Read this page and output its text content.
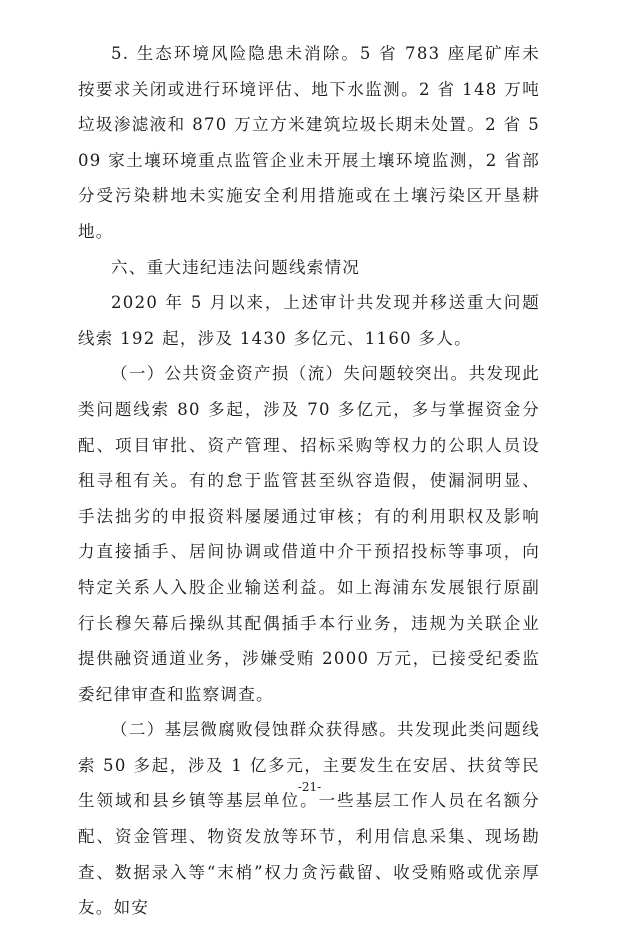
5. 生态环境风险隐患未消除。5 省 783 座尾矿库未按要求关闭或进行环境评估、地下水监测。2 省 148 万吨垃圾渗滤液和 870 万立方米建筑垃圾长期未处置。2 省 509 家土壤环境重点监管企业未开展土壤环境监测，2 省部分受污染耕地未实施安全利用措施或在土壤污染区开垦耕地。

六、重大违纪违法问题线索情况

2020 年 5 月以来，上述审计共发现并移送重大问题线索 192 起，涉及 1430 多亿元、1160 多人。

（一）公共资金资产损（流）失问题较突出。共发现此类问题线索 80 多起，涉及 70 多亿元，多与掌握资金分配、项目审批、资产管理、招标采购等权力的公职人员设租寻租有关。有的怠于监管甚至纵容造假，使漏洞明显、手法拙劣的申报资料屡屡通过审核；有的利用职权及影响力直接插手、居间协调或借道中介干预招投标等事项，向特定关系人入股企业输送利益。如上海浦东发展银行原副行长穆矢幕后操纵其配偶插手本行业务，违规为关联企业提供融资通道业务，涉嫌受贿 2000 万元，已接受纪委监委纪律审查和监察调查。

（二）基层微腐败侵蚀群众获得感。共发现此类问题线索 50 多起，涉及 1 亿多元，主要发生在安居、扶贫等民生领域和县乡镇等基层单位。一些基层工作人员在名额分配、资金管理、物资发放等环节，利用信息采集、现场勘查、数据录入等“末梢”权力贪污截留、收受贿赂或优亲厚友。如安

-21-
